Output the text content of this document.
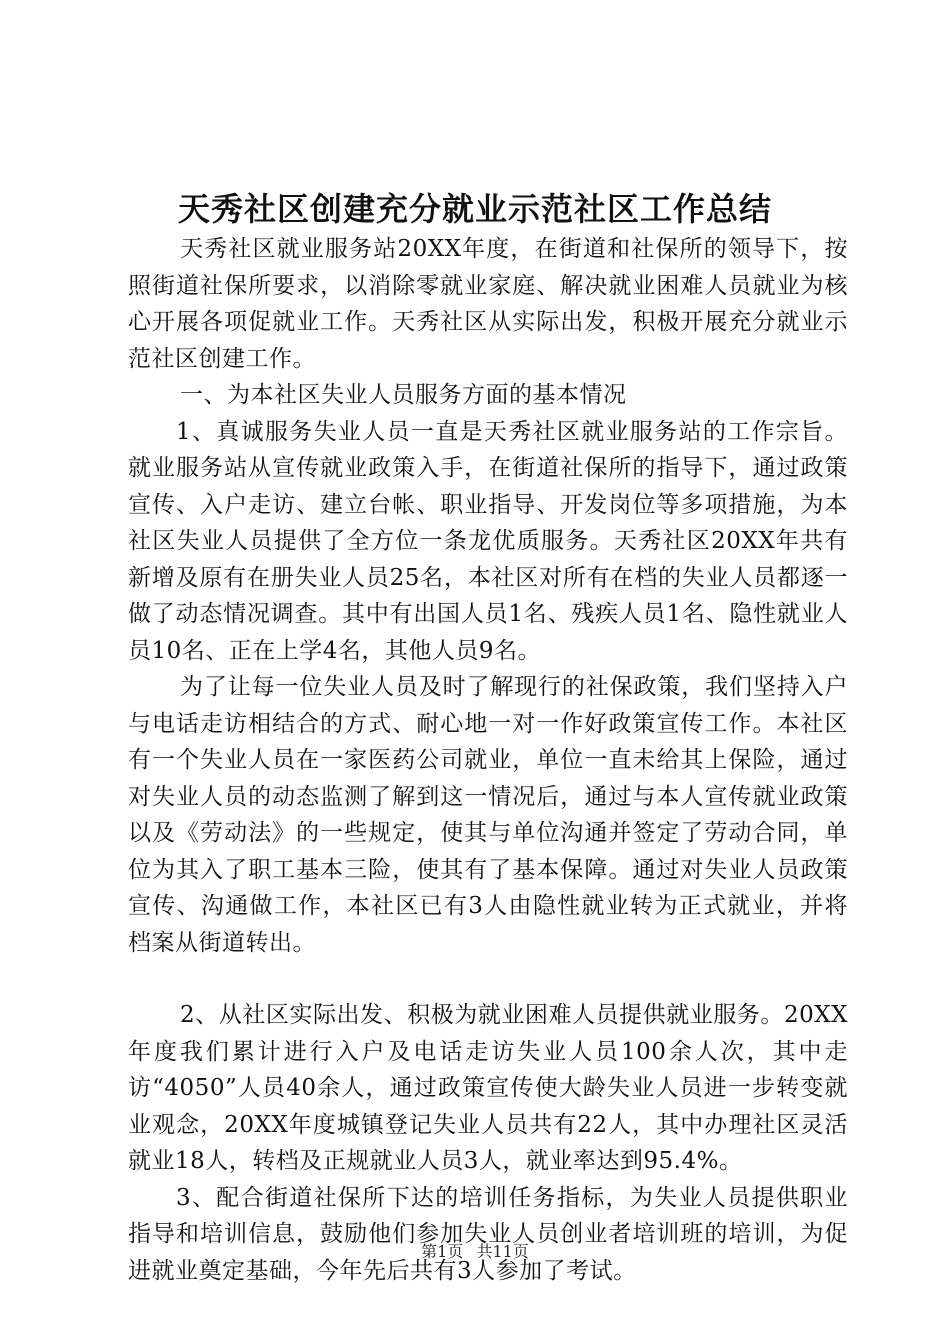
天秀社区创建充分就业示范社区工作总结

天秀社区就业服务站20XX年度，在街道和社保所的领导下，按照街道社保所要求，以消除零就业家庭、解决就业困难人员就业为核心开展各项促就业工作。天秀社区从实际出发，积极开展充分就业示范社区创建工作。

一、为本社区失业人员服务方面的基本情况

1、真诚服务失业人员一直是天秀社区就业服务站的工作宗旨。就业服务站从宣传就业政策入手，在街道社保所的指导下，通过政策宣传、入户走访、建立台帐、职业指导、开发岗位等多项措施，为本社区失业人员提供了全方位一条龙优质服务。天秀社区20XX年共有新增及原有在册失业人员25名，本社区对所有在档的失业人员都逐一做了动态情况调查。其中有出国人员1名、残疾人员1名、隐性就业人员10名、正在上学4名，其他人员9名。

为了让每一位失业人员及时了解现行的社保政策，我们坚持入户与电话走访相结合的方式、耐心地一对一作好政策宣传工作。本社区有一个失业人员在一家医药公司就业，单位一直未给其上保险，通过对失业人员的动态监测了解到这一情况后，通过与本人宣传就业政策以及《劳动法》的一些规定，使其与单位沟通并签定了劳动合同，单位为其入了职工基本三险，使其有了基本保障。通过对失业人员政策宣传、沟通做工作，本社区已有3人由隐性就业转为正式就业，并将档案从街道转出。

2、从社区实际出发、积极为就业困难人员提供就业服务。20XX年度我们累计进行入户及电话走访失业人员100余人次，其中走访“4050”人员40余人，通过政策宣传使大龄失业人员进一步转变就业观念，20XX年度城镇登记失业人员共有22人，其中办理社区灵活就业18人，转档及正规就业人员3人，就业率达到95.4%。

3、配合街道社保所下达的培训任务指标，为失业人员提供职业指导和培训信息，鼓励他们参加失业人员创业者培训班的培训，为促进就业奠定基础，今年先后共有3人参加了考试。

第1页 共11页
